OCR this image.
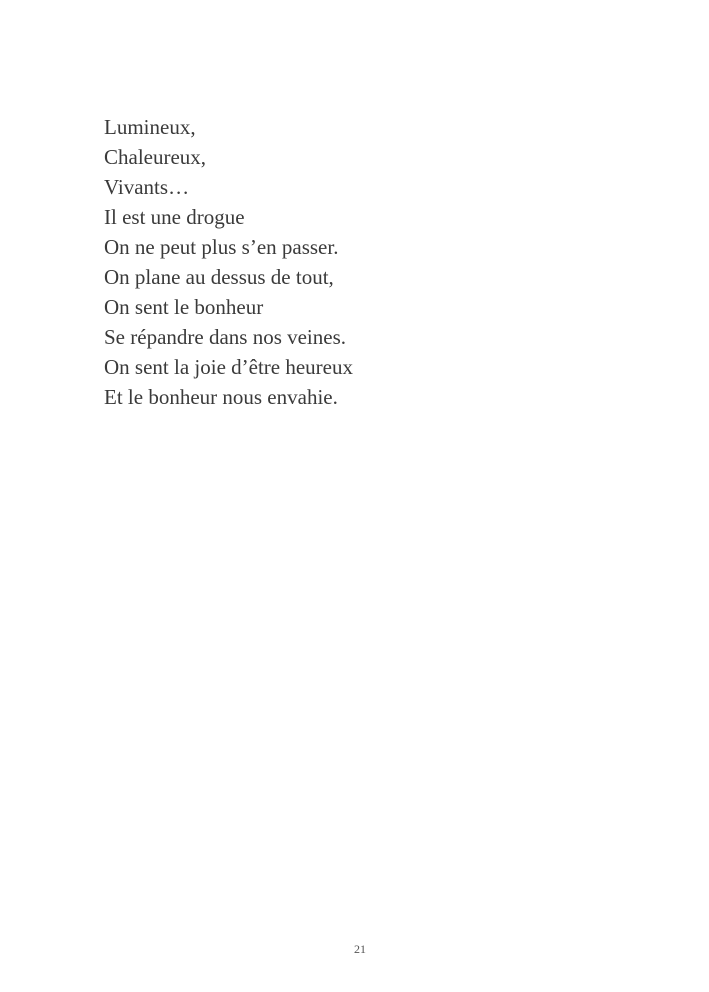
Lumineux,
Chaleureux,
Vivants…
Il est une drogue
On ne peut plus s’en passer.
On plane au dessus de tout,
On sent le bonheur
Se répandre dans nos veines.
On sent la joie d’être heureux
Et le bonheur nous envahie.
21
